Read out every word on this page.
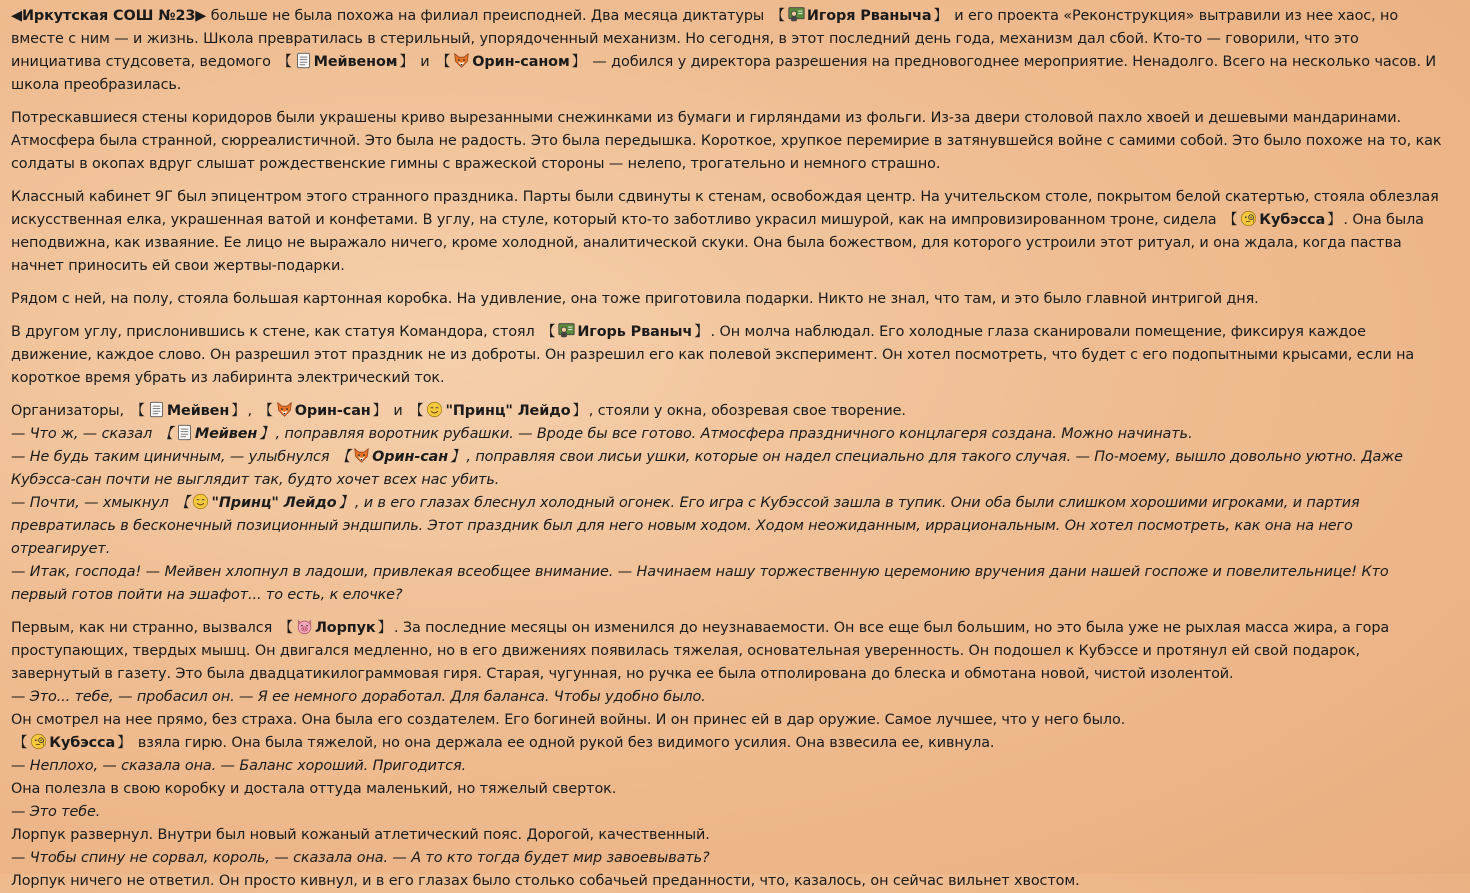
◀Иркутская СОШ №23▶ больше не была похожа на филиал преисподней. Два месяца диктатуры 【 Игоря Рваныча 】 и его проекта «Реконструкция» вытравили из нее хаос, но вместе с ним — и жизнь. Школа превратилась в стерильный, упорядоченный механизм. Но сегодня, в этот последний день года, механизм дал сбой. Кто-то — говорили, что это инициатива студсовета, ведомого 【 Мейвеном 】 и 【 Орин-саном 】 — добился у директора разрешения на предновогоднее мероприятие. Ненадолго. Всего на несколько часов. И школа преобразилась.

Потрескавшиеся стены коридоров были украшены криво вырезанными снежинками из бумаги и гирляндами из фольги. Из-за двери столовой пахло хвоей и дешевыми мандаринами. Атмосфера была странной, сюрреалистичной. Это была не радость. Это была передышка. Короткое, хрупкое перемирие в затянувшейся войне с самими собой. Это было похоже на то, как солдаты в окопах вдруг слышат рождественские гимны с вражеской стороны — нелепо, трогательно и немного страшно.

Классный кабинет 9Г был эпицентром этого странного праздника. Парты были сдвинуты к стенам, освобождая центр. На учительском столе, покрытом белой скатертью, стояла облезлая искусственная елка, украшенная ватой и конфетами. В углу, на стуле, который кто-то заботливо украсил мишурой, как на импровизированном троне, сидела 【 Кубэсса 】 . Она была неподвижна, как изваяние. Ее лицо не выражало ничего, кроме холодной, аналитической скуки. Она была божеством, для которого устроили этот ритуал, и она ждала, когда паства начнет приносить ей свои жертвы-подарки.

Рядом с ней, на полу, стояла большая картонная коробка. На удивление, она тоже приготовила подарки. Никто не знал, что там, и это было главной интригой дня.

В другом углу, прислонившись к стене, как статуя Командора, стоял 【 Игорь Рваныч 】 . Он молча наблюдал. Его холодные глаза сканировали помещение, фиксируя каждое движение, каждое слово. Он разрешил этот праздник не из доброты. Он разрешил его как полевой эксперимент. Он хотел посмотреть, что будет с его подопытными крысами, если на короткое время убрать из лабиринта электрический ток.

Организаторы, 【 Мейвен 】 , 【 Орин-сан 】 и 【 "Принц" Лейдо 】 , стояли у окна, обозревая свое творение.
— Что ж, — сказал 【 Мейвен 】 , поправляя воротник рубашки. — Вроде бы все готово. Атмосфера праздничного концлагеря создана. Можно начинать.
— Не будь таким циничным, — улыбнулся 【 Орин-сан 】 , поправляя свои лисьи ушки, которые он надел специально для такого случая. — По-моему, вышло довольно уютно. Даже Кубэсса-сан почти не выглядит так, будто хочет всех нас убить.
— Почти, — хмыкнул 【 "Принц" Лейдо 】 , и в его глазах блеснул холодный огонек. Его игра с Кубэссой зашла в тупик. Они оба были слишком хорошими игроками, и партия превратилась в бесконечный позиционный эндшпиль. Этот праздник был для него новым ходом. Ходом неожиданным, иррациональным. Он хотел посмотреть, как она на него отреагирует.
— Итак, господа! — Мейвен хлопнул в ладоши, привлекая всеобщее внимание. — Начинаем нашу торжественную церемонию вручения дани нашей госпоже и повелительнице! Кто первый готов пойти на эшафот... то есть, к елочке?
Первым, как ни странно, вызвался 【 Лорпук 】 . За последние месяцы он изменился до неузнаваемости. Он все еще был большим, но это была уже не рыхлая масса жира, а гора проступающих, твердых мышц. Он двигался медленно, но в его движениях появилась тяжелая, основательная уверенность. Он подошел к Кубэссе и протянул ей свой подарок, завернутый в газету. Это была двадцатикилограммовая гиря. Старая, чугунная, но ручка ее была отполирована до блеска и обмотана новой, чистой изолентой.
— Это... тебе, — пробасил он. — Я ее немного доработал. Для баланса. Чтобы удобно было.
Он смотрел на нее прямо, без страха. Она была его создателем. Его богиней войны. И он принес ей в дар оружие. Самое лучшее, что у него было.
【 Кубэсса 】 взяла гирю. Она была тяжелой, но она держала ее одной рукой без видимого усилия. Она взвесила ее, кивнула.
— Неплохо, — сказала она. — Баланс хороший. Пригодится.
Она полезла в свою коробку и достала оттуда маленький, но тяжелый сверток.
— Это тебе.
Лорпук развернул. Внутри был новый кожаный атлетический пояс. Дорогой, качественный.
— Чтобы спину не сорвал, король, — сказала она. — А то кто тогда будет мир завоевывать?
Лорпук ничего не ответил. Он просто кивнул, и в его глазах было столько собачьей преданности, что, казалось, он сейчас вильнет хвостом.
